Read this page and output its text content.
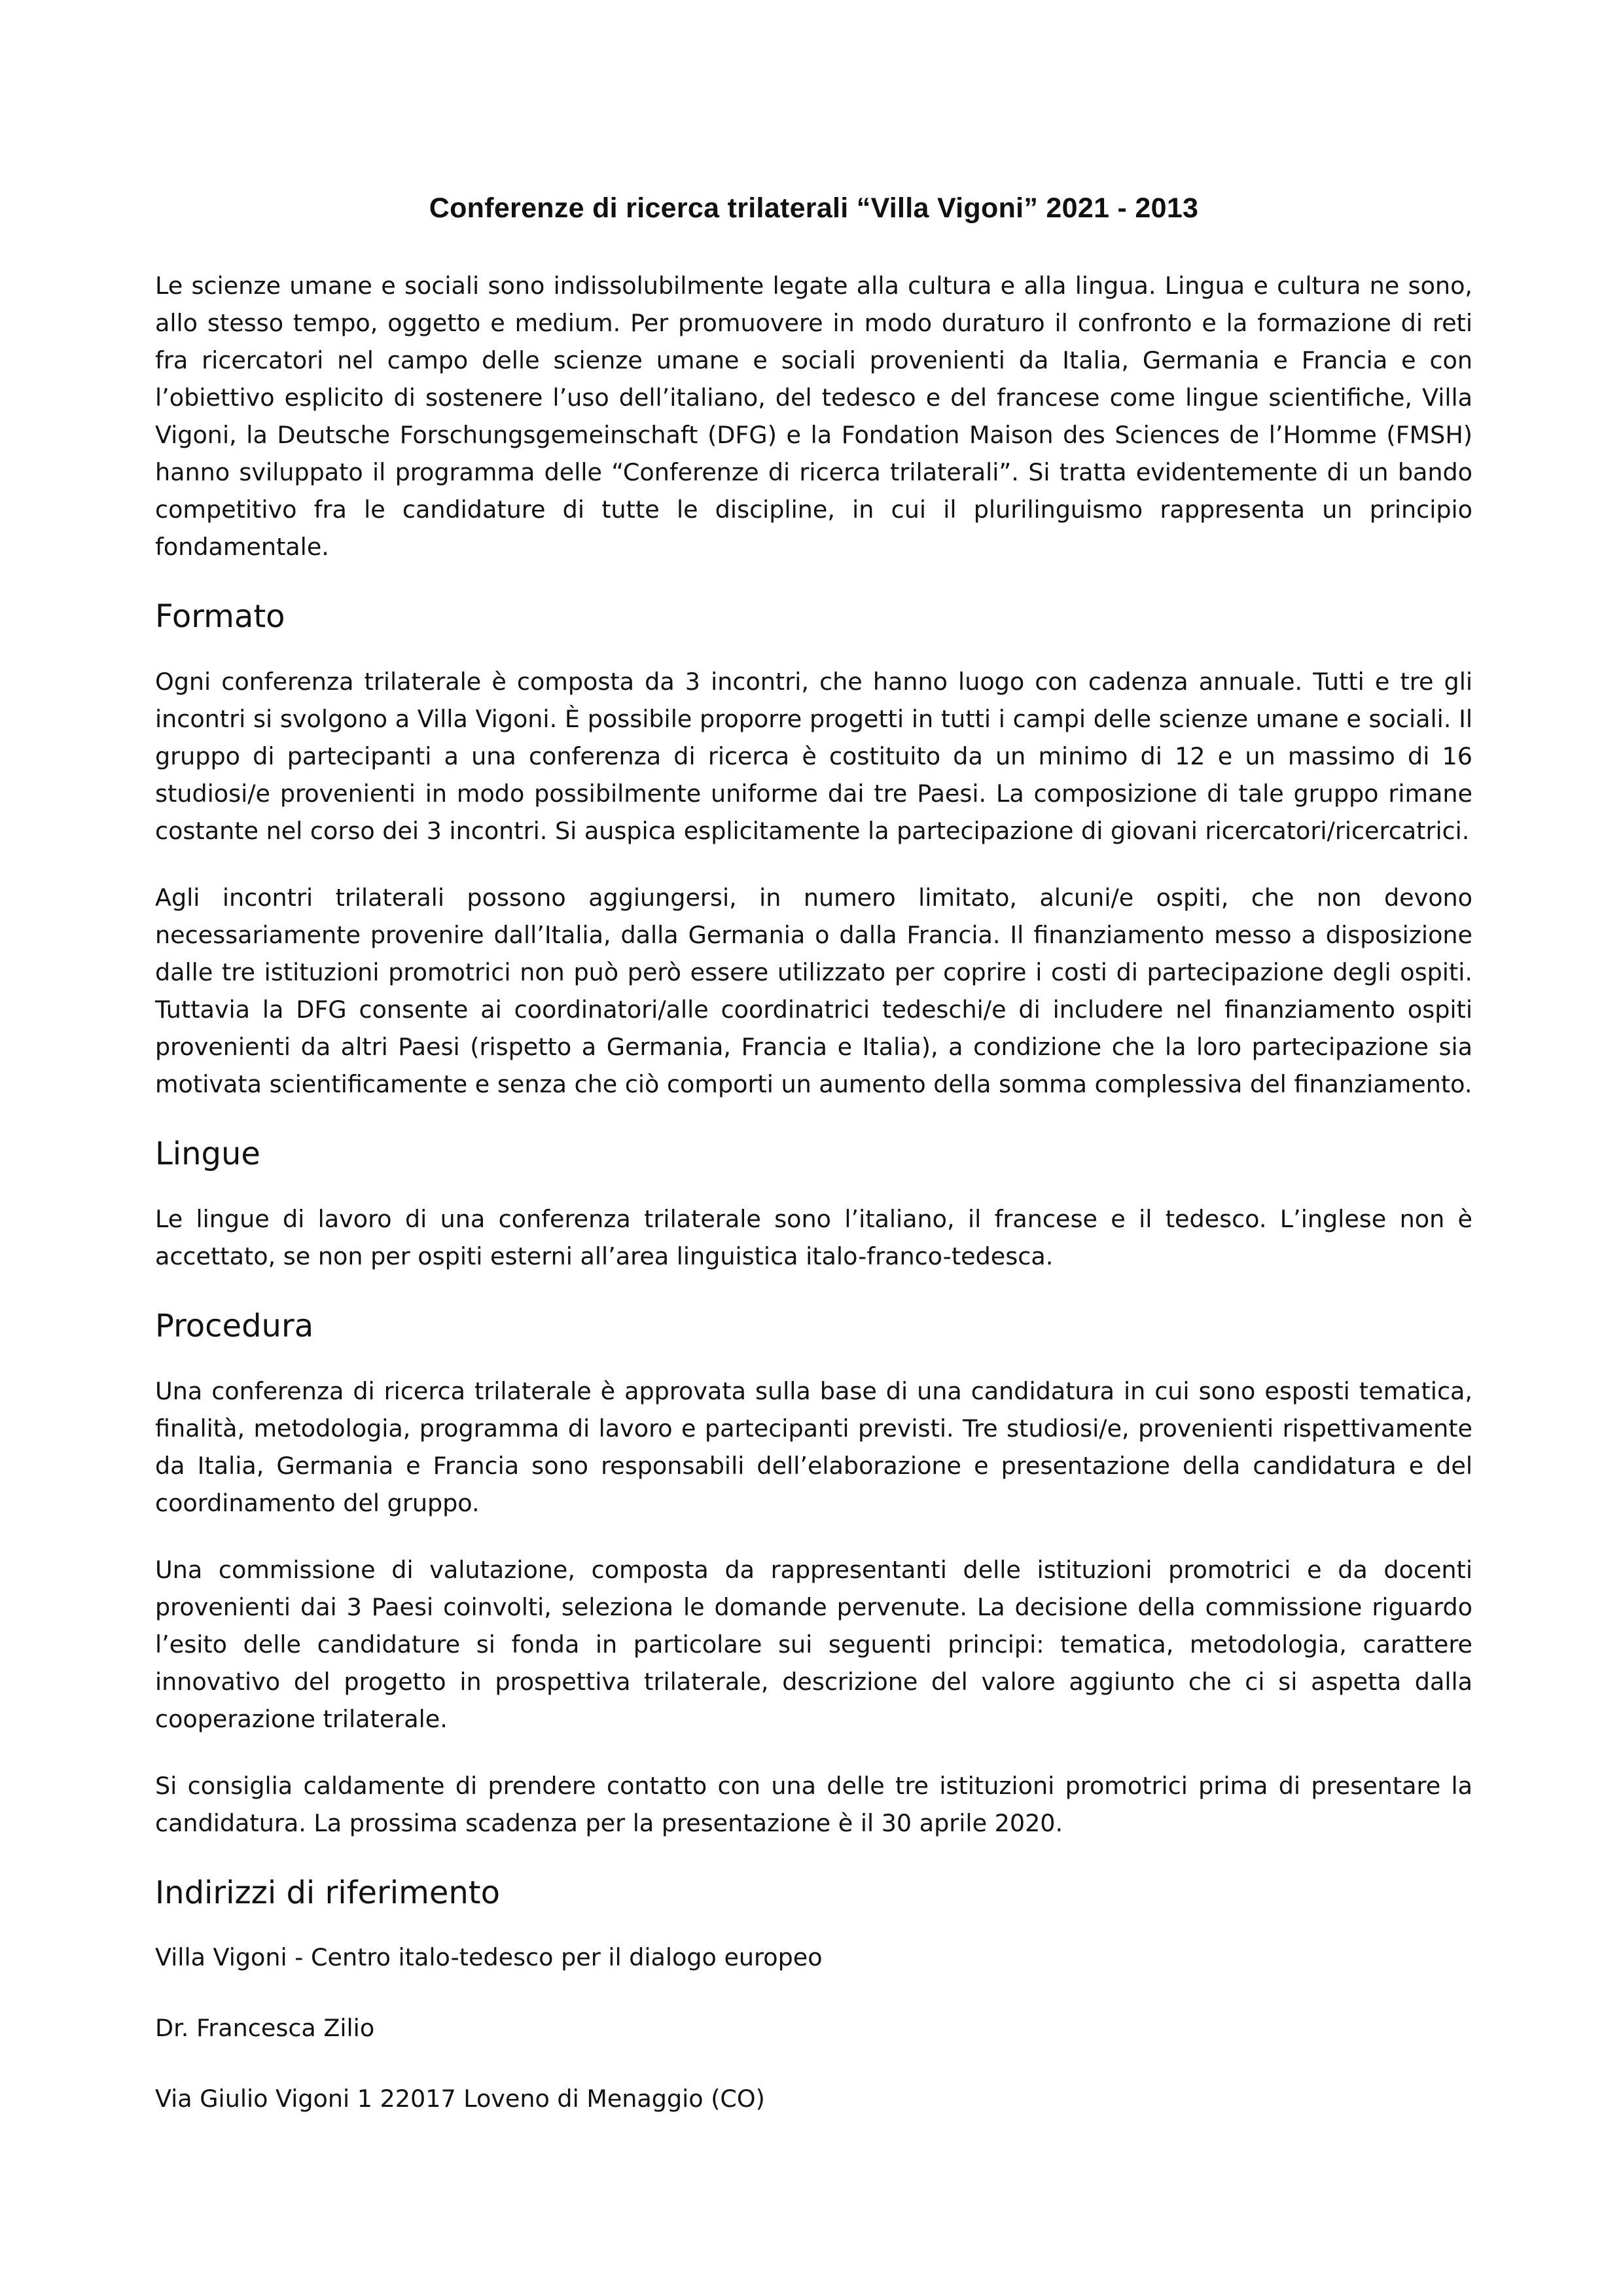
Conferenze di ricerca trilaterali “Villa Vigoni” 2021 - 2013

Le scienze umane e sociali sono indissolubilmente legate alla cultura e alla lingua. Lingua e cultura ne sono, allo stesso tempo, oggetto e medium. Per promuovere in modo duraturo il confronto e la formazione di reti fra ricercatori nel campo delle scienze umane e sociali provenienti da Italia, Germania e Francia e con l’obiettivo esplicito di sostenere l’uso dell’italiano, del tedesco e del francese come lingue scientifiche, Villa Vigoni, la Deutsche Forschungsgemeinschaft (DFG) e la Fondation Maison des Sciences de l’Homme (FMSH) hanno sviluppato il programma delle “Conferenze di ricerca trilaterali”. Si tratta evidentemente di un bando competitivo fra le candidature di tutte le discipline, in cui il plurilinguismo rappresenta un principio fondamentale.

Formato

Ogni conferenza trilaterale è composta da 3 incontri, che hanno luogo con cadenza annuale. Tutti e tre gli incontri si svolgono a Villa Vigoni. È possibile proporre progetti in tutti i campi delle scienze umane e sociali. Il gruppo di partecipanti a una conferenza di ricerca è costituito da un minimo di 12 e un massimo di 16 studiosi/e provenienti in modo possibilmente uniforme dai tre Paesi. La composizione di tale gruppo rimane costante nel corso dei 3 incontri. Si auspica esplicitamente la partecipazione di giovani ricercatori/ricercatrici.

Agli incontri trilaterali possono aggiungersi, in numero limitato, alcuni/e ospiti, che non devono necessariamente provenire dall’Italia, dalla Germania o dalla Francia. Il finanziamento messo a disposizione dalle tre istituzioni promotrici non può però essere utilizzato per coprire i costi di partecipazione degli ospiti. Tuttavia la DFG consente ai coordinatori/alle coordinatrici tedeschi/e di includere nel finanziamento ospiti provenienti da altri Paesi (rispetto a Germania, Francia e Italia), a condizione che la loro partecipazione sia motivata scientificamente e senza che ciò comporti un aumento della somma complessiva del finanziamento.

Lingue

Le lingue di lavoro di una conferenza trilaterale sono l’italiano, il francese e il tedesco. L’inglese non è accettato, se non per ospiti esterni all’area linguistica italo-franco-tedesca.

Procedura

Una conferenza di ricerca trilaterale è approvata sulla base di una candidatura in cui sono esposti tematica, finalità, metodologia, programma di lavoro e partecipanti previsti. Tre studiosi/e, provenienti rispettivamente da Italia, Germania e Francia sono responsabili dell’elaborazione e presentazione della candidatura e del coordinamento del gruppo.

Una commissione di valutazione, composta da rappresentanti delle istituzioni promotrici e da docenti provenienti dai 3 Paesi coinvolti, seleziona le domande pervenute. La decisione della commissione riguardo l’esito delle candidature si fonda in particolare sui seguenti principi: tematica, metodologia, carattere innovativo del progetto in prospettiva trilaterale, descrizione del valore aggiunto che ci si aspetta dalla cooperazione trilaterale.

Si consiglia caldamente di prendere contatto con una delle tre istituzioni promotrici prima di presentare la candidatura. La prossima scadenza per la presentazione è il 30 aprile 2020.

Indirizzi di riferimento

Villa Vigoni - Centro italo-tedesco per il dialogo europeo

Dr. Francesca Zilio

Via Giulio Vigoni 1 22017 Loveno di Menaggio (CO)
